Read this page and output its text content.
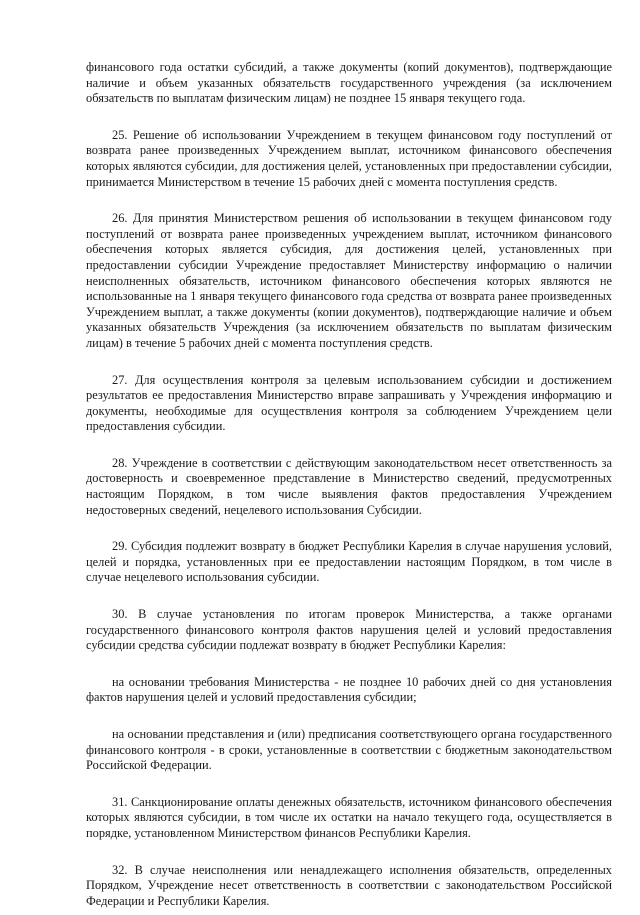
финансового года остатки субсидий, а также документы (копий документов), подтверждающие наличие и объем указанных обязательств государственного учреждения (за исключением обязательств по выплатам физическим лицам) не позднее 15 января текущего года.

25. Решение об использовании Учреждением в текущем финансовом году поступлений от возврата ранее произведенных Учреждением выплат, источником финансового обеспечения которых являются субсидии, для достижения целей, установленных при предоставлении субсидии, принимается Министерством в течение 15 рабочих дней с момента поступления средств.

26. Для принятия Министерством решения об использовании в текущем финансовом году поступлений от возврата ранее произведенных учреждением выплат, источником финансового обеспечения которых является субсидия, для достижения целей, установленных при предоставлении субсидии Учреждение предоставляет Министерству информацию о наличии неисполненных обязательств, источником финансового обеспечения которых являются не использованные на 1 января текущего финансового года средства от возврата ранее произведенных Учреждением выплат, а также документы (копии документов), подтверждающие наличие и объем указанных обязательств Учреждения (за исключением обязательств по выплатам физическим лицам) в течение 5 рабочих дней с момента поступления средств.

27. Для осуществления контроля за целевым использованием субсидии и достижением результатов ее предоставления Министерство вправе запрашивать у Учреждения информацию и документы, необходимые для осуществления контроля за соблюдением Учреждением цели предоставления субсидии.

28. Учреждение в соответствии с действующим законодательством несет ответственность за достоверность и своевременное представление в Министерство сведений, предусмотренных настоящим Порядком, в том числе выявления фактов предоставления Учреждением недостоверных сведений, нецелевого использования Субсидии.

29. Субсидия подлежит возврату в бюджет Республики Карелия в случае нарушения условий, целей и порядка, установленных при ее предоставлении настоящим Порядком, в том числе в случае нецелевого использования субсидии.

30. В случае установления по итогам проверок Министерства, а также органами государственного финансового контроля фактов нарушения целей и условий предоставления субсидии средства субсидии подлежат возврату в бюджет Республики Карелия:

на основании требования Министерства - не позднее 10 рабочих дней со дня установления фактов нарушения целей и условий предоставления субсидии;

на основании представления и (или) предписания соответствующего органа государственного финансового контроля - в сроки, установленные в соответствии с бюджетным законодательством Российской Федерации.

31. Санкционирование оплаты денежных обязательств, источником финансового обеспечения которых являются субсидии, в том числе их остатки на начало текущего года, осуществляется в порядке, установленном Министерством финансов Республики Карелия.

32. В случае неисполнения или ненадлежащего исполнения обязательств, определенных Порядком, Учреждение несет ответственность в соответствии с законодательством Российской Федерации и Республики Карелия.
